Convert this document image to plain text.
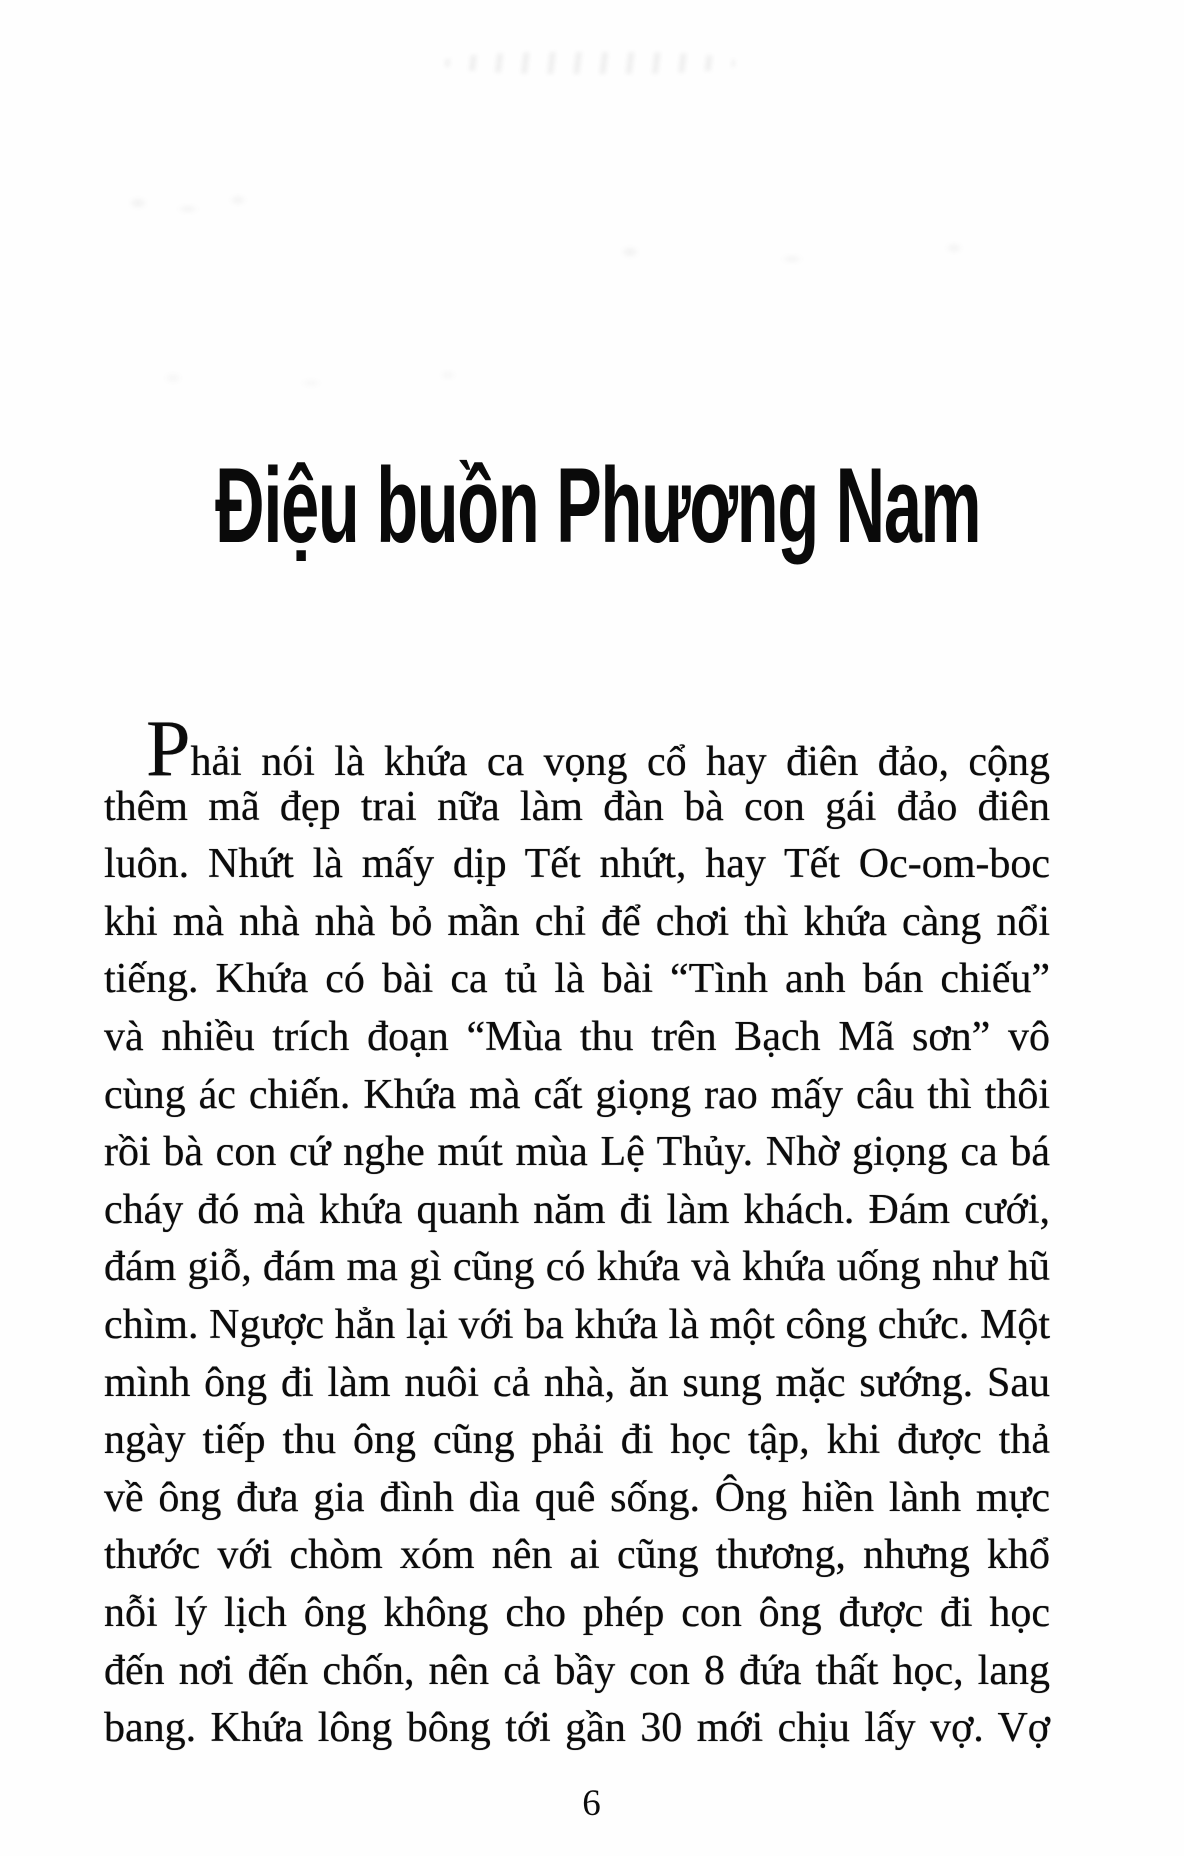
Điệu buồn Phương Nam
Phải nói là khứa ca vọng cổ hay điên đảo, cộng
thêm mã đẹp trai nữa làm đàn bà con gái đảo điên
luôn. Nhứt là mấy dịp Tết nhứt, hay Tết Oc-om-boc
khi mà nhà nhà bỏ mần chỉ để chơi thì khứa càng nổi
tiếng. Khứa có bài ca tủ là bài “Tình anh bán chiếu”
và nhiều trích đoạn “Mùa thu trên Bạch Mã sơn” vô
cùng ác chiến. Khứa mà cất giọng rao mấy câu thì thôi
rồi bà con cứ nghe mút mùa Lệ Thủy. Nhờ giọng ca bá
cháy đó mà khứa quanh năm đi làm khách. Đám cưới,
đám giỗ, đám ma gì cũng có khứa và khứa uống như hũ
chìm. Ngược hẳn lại với ba khứa là một công chức. Một
mình ông đi làm nuôi cả nhà, ăn sung mặc sướng. Sau
ngày tiếp thu ông cũng phải đi học tập, khi được thả
về ông đưa gia đình dìa quê sống. Ông hiền lành mực
thước với chòm xóm nên ai cũng thương, nhưng khổ
nỗi lý lịch ông không cho phép con ông được đi học
đến nơi đến chốn, nên cả bầy con 8 đứa thất học, lang
bang. Khứa lông bông tới gần 30 mới chịu lấy vợ. Vợ
6
